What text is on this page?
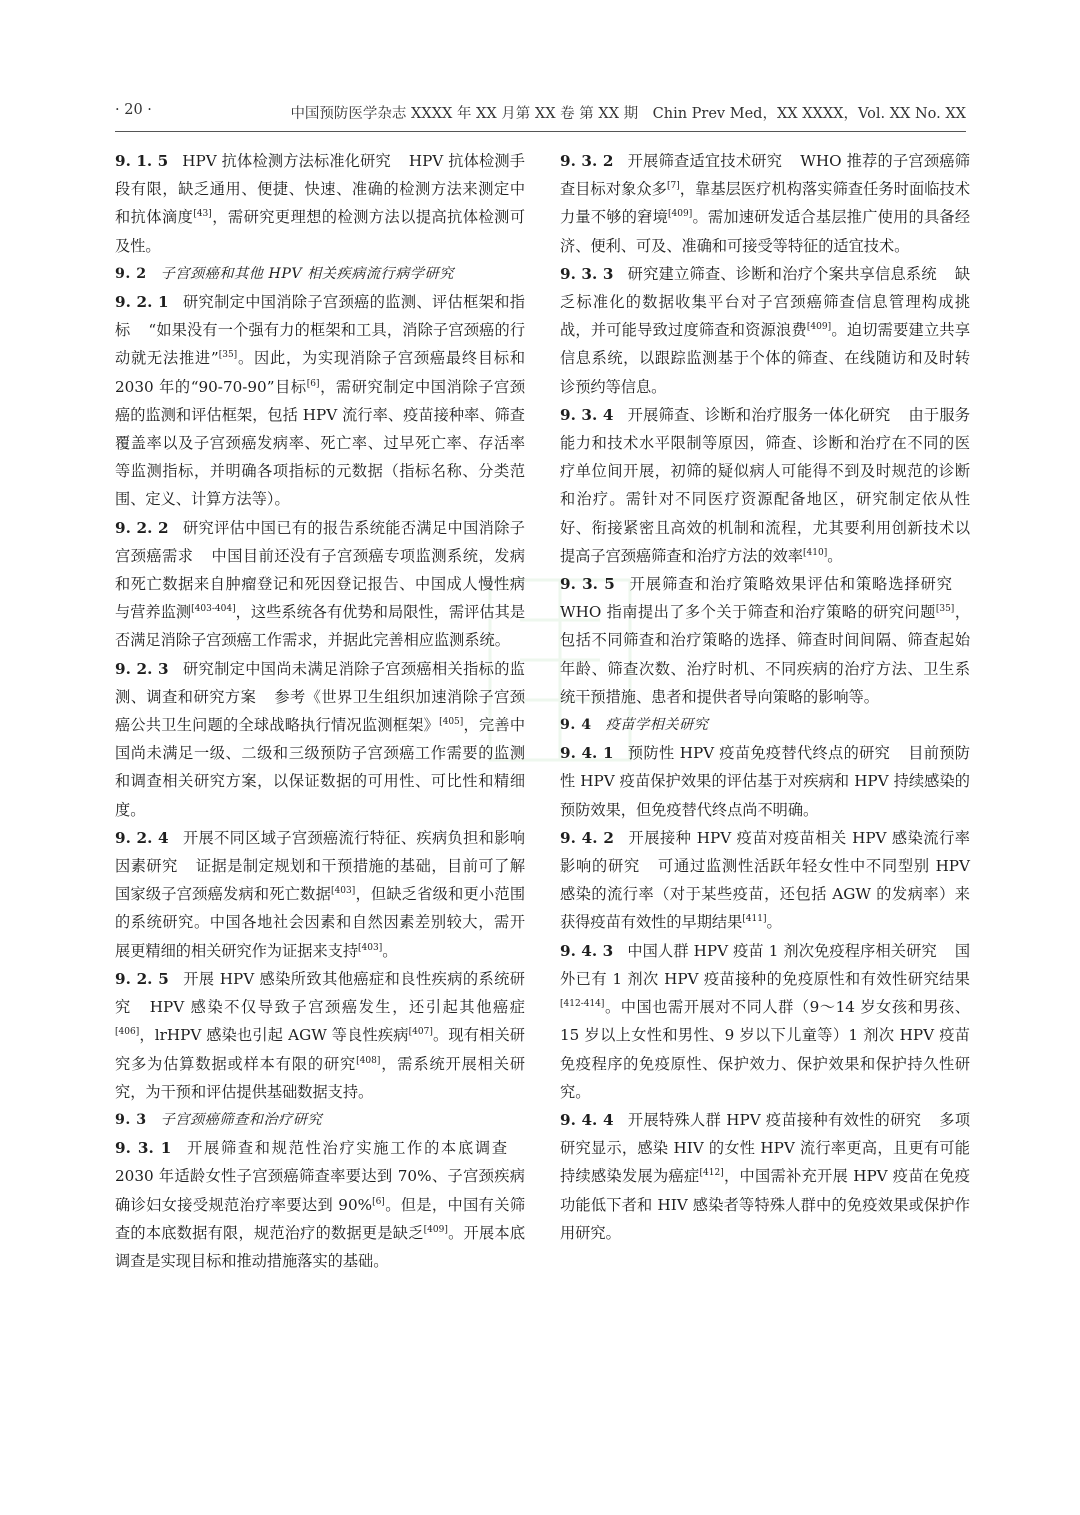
· 20 ·	中国预防医学杂志 XXXX 年 XX 月第 XX 卷 第 XX 期　Chin Prev Med，XX XXXX，Vol. XX No. XX

9. 1. 5 HPV 抗体检测方法标准化研究 HPV 抗体检测手段有限，缺乏通用、便捷、快速、准确的检测方法来测定中和抗体滴度[43]，需研究更理想的检测方法以提高抗体检测可及性。

9. 2 子宫颈癌和其他 HPV 相关疾病流行病学研究

9. 2. 1 研究制定中国消除子宫颈癌的监测、评估框架和指标 “如果没有一个强有力的框架和工具，消除子宫颈癌的行动就无法推进”[35]。因此，为实现消除子宫颈癌最终目标和 2030 年的“90-70-90”目标[6]，需研究制定中国消除子宫颈癌的监测和评估框架，包括 HPV 流行率、疫苗接种率、筛查覆盖率以及子宫颈癌发病率、死亡率、过早死亡率、存活率等监测指标，并明确各项指标的元数据（指标名称、分类范围、定义、计算方法等）。

9. 2. 2 研究评估中国已有的报告系统能否满足中国消除子宫颈癌需求 中国目前还没有子宫颈癌专项监测系统，发病和死亡数据来自肿瘤登记和死因登记报告、中国成人慢性病与营养监测[403-404]，这些系统各有优势和局限性，需评估其是否满足消除子宫颈癌工作需求，并据此完善相应监测系统。

9. 2. 3 研究制定中国尚未满足消除子宫颈癌相关指标的监测、调查和研究方案 参考《世界卫生组织加速消除子宫颈癌公共卫生问题的全球战略执行情况监测框架》[405]，完善中国尚未满足一级、二级和三级预防子宫颈癌工作需要的监测和调查相关研究方案，以保证数据的可用性、可比性和精细度。

9. 2. 4 开展不同区域子宫颈癌流行特征、疾病负担和影响因素研究 证据是制定规划和干预措施的基础，目前可了解国家级子宫颈癌发病和死亡数据[403]，但缺乏省级和更小范围的系统研究。中国各地社会因素和自然因素差别较大，需开展更精细的相关研究作为证据来支持[403]。

9. 2. 5 开展 HPV 感染所致其他癌症和良性疾病的系统研究 HPV 感染不仅导致子宫颈癌发生，还引起其他癌症[406]，lrHPV 感染也引起 AGW 等良性疾病[407]。现有相关研究多为估算数据或样本有限的研究[408]，需系统开展相关研究，为干预和评估提供基础数据支持。

9. 3 子宫颈癌筛查和治疗研究

9. 3. 1 开展筛查和规范性治疗实施工作的本底调查2030 年适龄女性子宫颈癌筛查率要达到 70%、子宫颈疾病确诊妇女接受规范治疗率要达到 90%[6]。但是，中国有关筛查的本底数据有限，规范治疗的数据更是缺乏[409]。开展本底调查是实现目标和推动措施落实的基础。

9. 3. 2 开展筛查适宜技术研究 WHO 推荐的子宫颈癌筛查目标对象众多[7]，靠基层医疗机构落实筛查任务时面临技术力量不够的窘境[409]。需加速研发适合基层推广使用的具备经济、便利、可及、准确和可接受等特征的适宜技术。

9. 3. 3 研究建立筛查、诊断和治疗个案共享信息系统 缺乏标准化的数据收集平台对子宫颈癌筛查信息管理构成挑战，并可能导致过度筛查和资源浪费[409]。迫切需要建立共享信息系统，以跟踪监测基于个体的筛查、在线随访和及时转诊预约等信息。

9. 3. 4 开展筛查、诊断和治疗服务一体化研究 由于服务能力和技术水平限制等原因，筛查、诊断和治疗在不同的医疗单位间开展，初筛的疑似病人可能得不到及时规范的诊断和治疗。需针对不同医疗资源配备地区，研究制定依从性好、衔接紧密且高效的机制和流程，尤其要利用创新技术以提高子宫颈癌筛查和治疗方法的效率[410]。

9. 3. 5 开展筛查和治疗策略效果评估和策略选择研究WHO 指南提出了多个关于筛查和治疗策略的研究问题[35]，包括不同筛查和治疗策略的选择、筛查时间间隔、筛查起始年龄、筛查次数、治疗时机、不同疾病的治疗方法、卫生系统干预措施、患者和提供者导向策略的影响等。

9. 4 疫苗学相关研究

9. 4. 1 预防性 HPV 疫苗免疫替代终点的研究 目前预防性 HPV 疫苗保护效果的评估基于对疾病和 HPV 持续感染的预防效果，但免疫替代终点尚不明确。

9. 4. 2 开展接种 HPV 疫苗对疫苗相关 HPV 感染流行率影响的研究 可通过监测性活跃年轻女性中不同型别 HPV 感染的流行率（对于某些疫苗，还包括 AGW 的发病率）来获得疫苗有效性的早期结果[411]。

9. 4. 3 中国人群 HPV 疫苗 1 剂次免疫程序相关研究 国外已有 1 剂次 HPV 疫苗接种的免疫原性和有效性研究结果[412-414]。中国也需开展对不同人群（9～14 岁女孩和男孩、15 岁以上女性和男性、9 岁以下儿童等）1 剂次 HPV 疫苗免疫程序的免疫原性、保护效力、保护效果和保护持久性研究。

9. 4. 4 开展特殊人群 HPV 疫苗接种有效性的研究 多项研究显示，感染 HIV 的女性 HPV 流行率更高，且更有可能持续感染发展为癌症[412]，中国需补充开展 HPV 疫苗在免疫功能低下者和 HIV 感染者等特殊人群中的免疫效果或保护作用研究。
